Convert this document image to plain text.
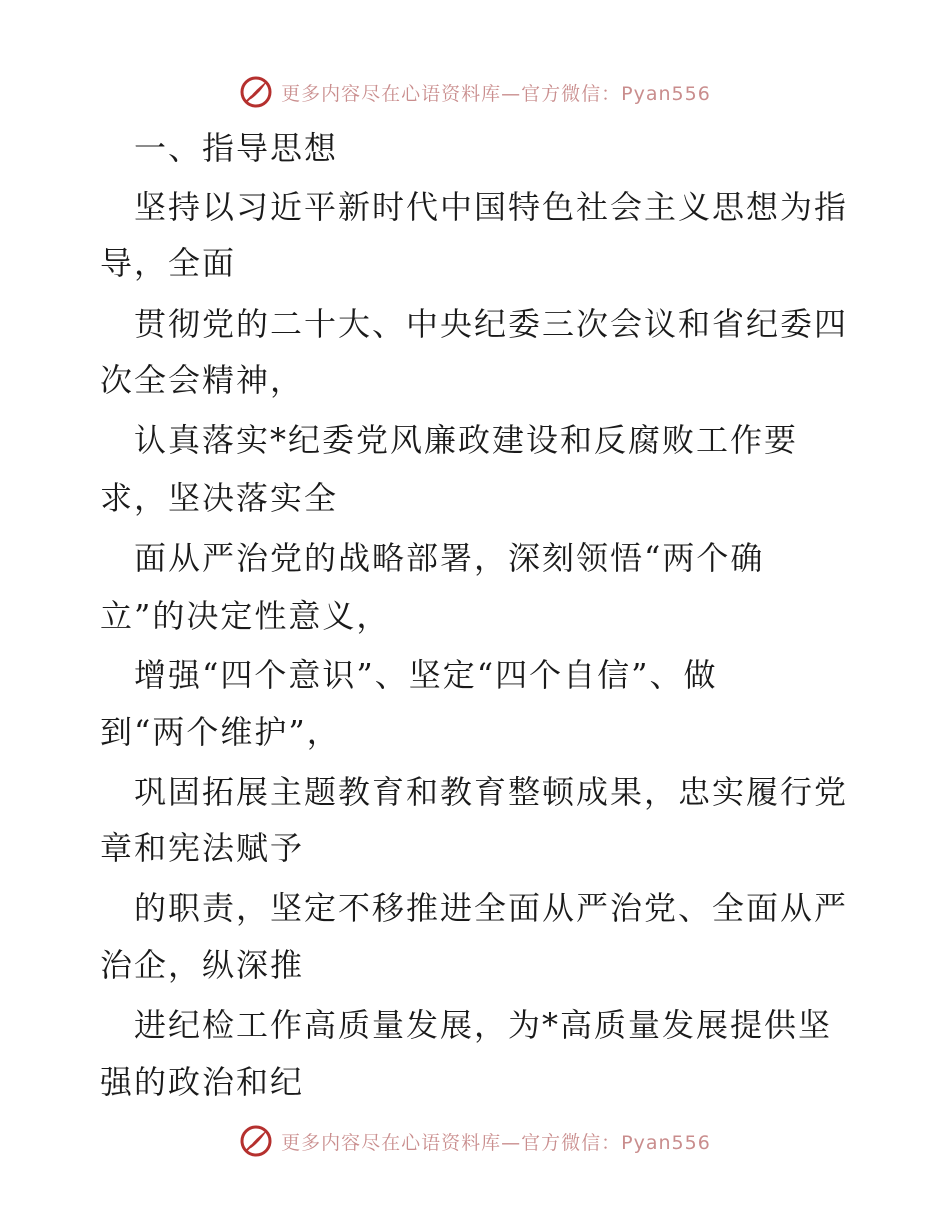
更多内容尽在心语资料库—官方微信：Pyan556
一、指导思想
坚持以习近平新时代中国特色社会主义思想为指
导，全面
贯彻党的二十大、中央纪委三次会议和省纪委四
次全会精神，
认真落实*纪委党风廉政建设和反腐败工作要
求，坚决落实全
面从严治党的战略部署，深刻领悟“两个确
立”的决定性意义，
增强“四个意识”、坚定“四个自信”、做
到“两个维护”，
巩固拓展主题教育和教育整顿成果，忠实履行党
章和宪法赋予
的职责，坚定不移推进全面从严治党、全面从严
治企，纵深推
进纪检工作高质量发展，为*高质量发展提供坚
强的政治和纪
更多内容尽在心语资料库—官方微信：Pyan556
